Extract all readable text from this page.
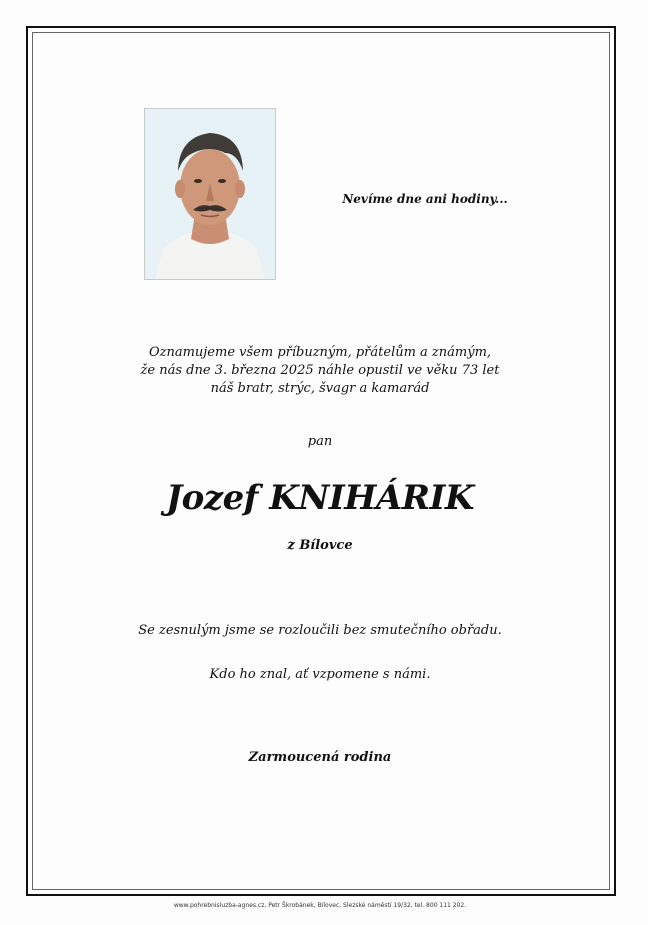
Nevíme dne ani hodiny...
Oznamujeme všem příbuzným, přátelům a známým,
že nás dne 3. března 2025 náhle opustil ve věku 73 let
náš bratr, strýc, švagr a kamarád
pan
Jozef KNIHÁRIK
z Bílovce
Se zesnulým jsme se rozloučili bez smutečního obřadu.
Kdo ho znal, ať vzpomene s námi.
Zarmoucená rodina
www.pohrebnisluzba-agnes.cz, Petr Škrobánek, Bílovec, Slezské náměstí 19/32, tel. 800 111 202.
